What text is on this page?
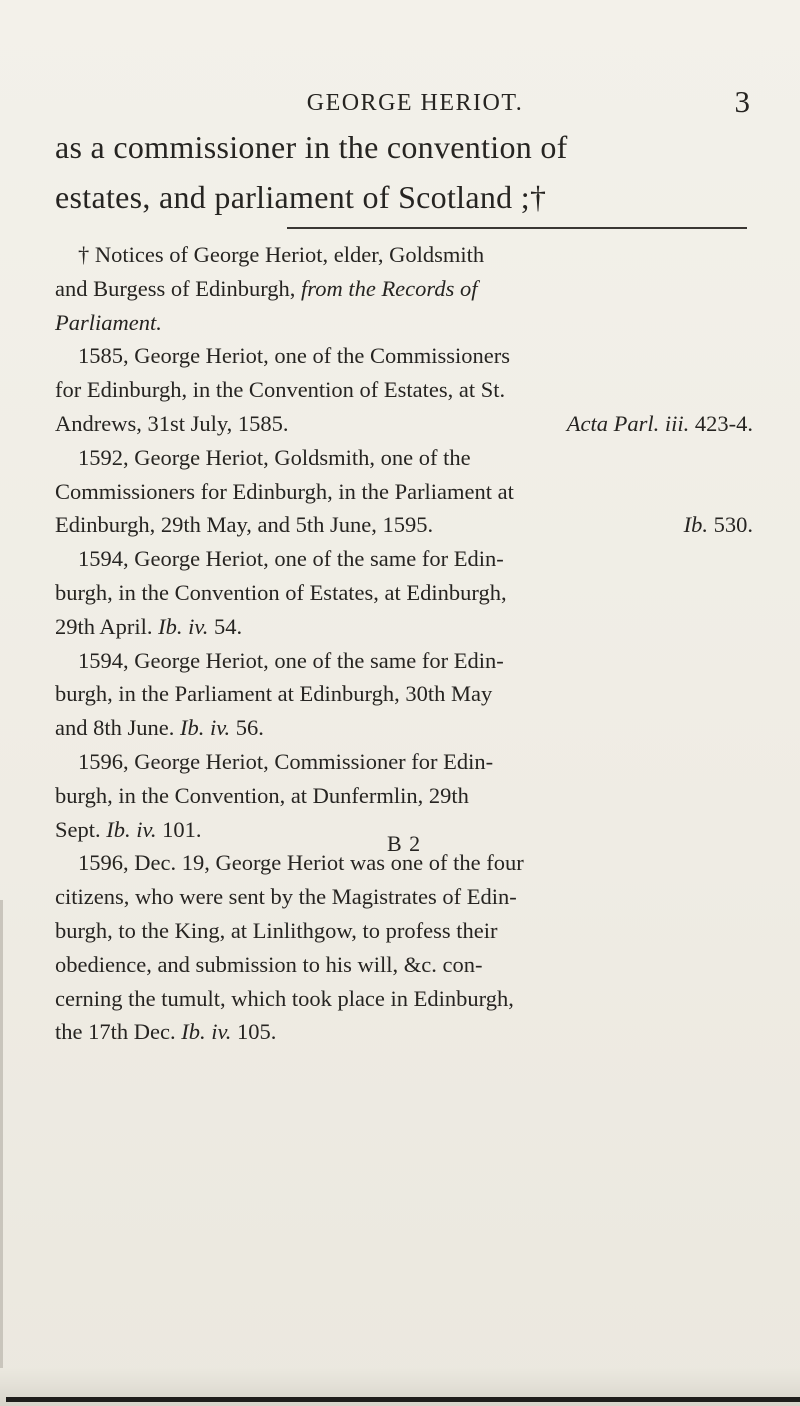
GEORGE HERIOT.	3
as a commissioner in the convention of
estates, and parliament of Scotland ;†
† Notices of George Heriot, elder, Goldsmith
and Burgess of Edinburgh, from the Records of
Parliament.
1585, George Heriot, one of the Commissioners
for Edinburgh, in the Convention of Estates, at St.
Andrews, 31st July, 1585.	Acta Parl. iii. 423-4.
1592, George Heriot, Goldsmith, one of the
Commissioners for Edinburgh, in the Parliament at
Edinburgh, 29th May, and 5th June, 1595.	Ib. 530.
1594, George Heriot, one of the same for Edin-
burgh, in the Convention of Estates, at Edinburgh,
29th April. Ib. iv. 54.
1594, George Heriot, one of the same for Edin-
burgh, in the Parliament at Edinburgh, 30th May
and 8th June. Ib. iv. 56.
1596, George Heriot, Commissioner for Edin-
burgh, in the Convention, at Dunfermlin, 29th
Sept. Ib. iv. 101.
1596, Dec. 19, George Heriot was one of the four
citizens, who were sent by the Magistrates of Edin-
burgh, to the King, at Linlithgow, to profess their
obedience, and submission to his will, &c. con-
cerning the tumult, which took place in Edinburgh,
the 17th Dec. Ib. iv. 105.
B 2
